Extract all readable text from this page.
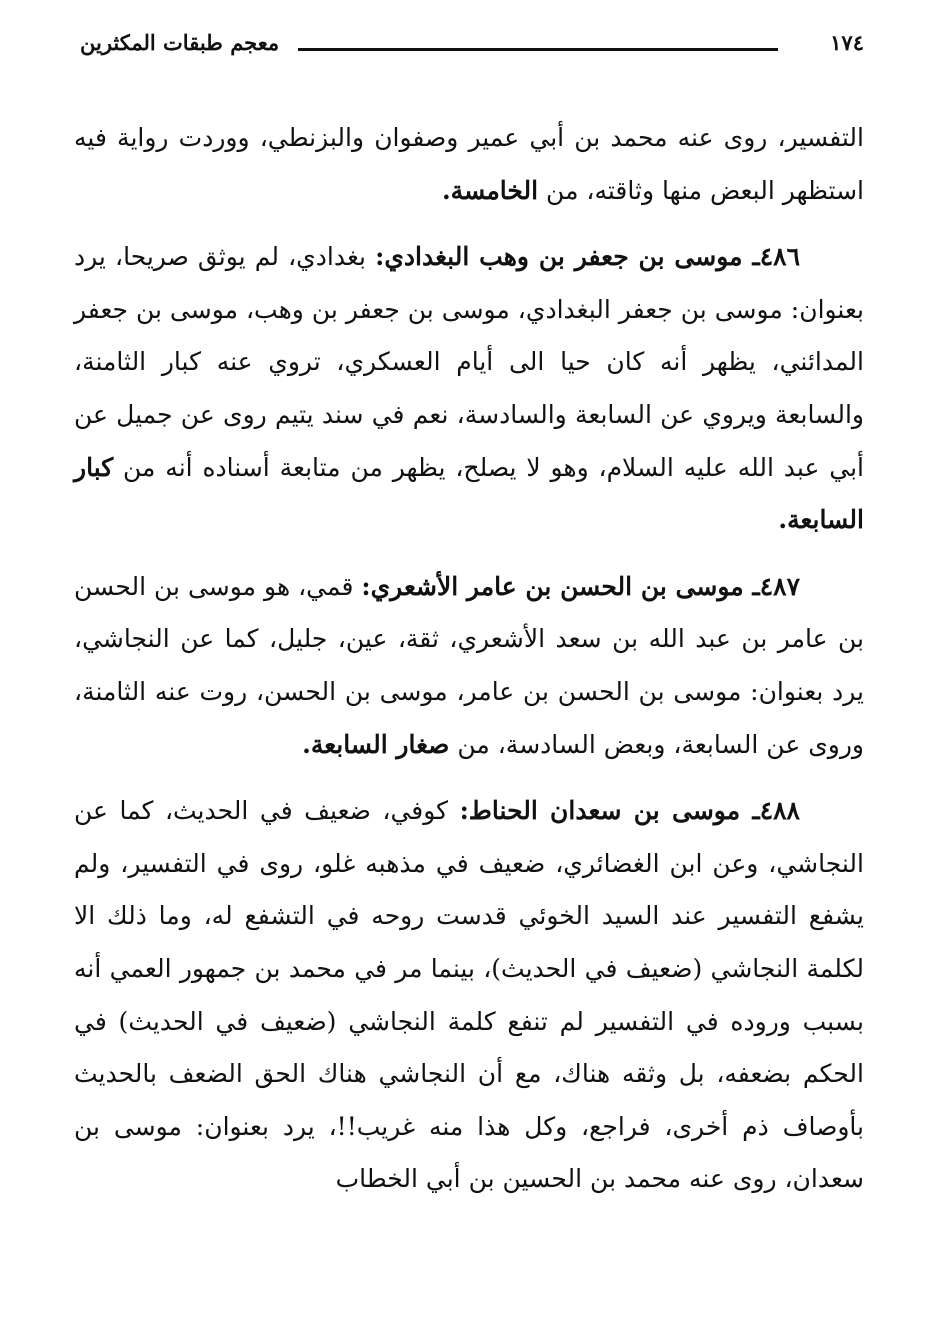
١٧٤
معجم طبقات المكثرين

التفسير، روى عنه محمد بن أبي عمير وصفوان والبزنطي، ووردت رواية فيه استظهر البعض منها وثاقته، من الخامسة.

٤٨٦ـ موسى بن جعفر بن وهب البغدادي: بغدادي، لم يوثق صريحا، يرد بعنوان: موسى بن جعفر البغدادي، موسى بن جعفر بن وهب، موسى بن جعفر المدائني، يظهر أنه كان حيا الى أيام العسكري، تروي عنه كبار الثامنة، والسابعة ويروي عن السابعة والسادسة، نعم في سند يتيم روى عن جميل عن أبي عبد الله عليه السلام، وهو لا يصلح، يظهر من متابعة أسناده أنه من كبار السابعة.

٤٨٧ـ موسى بن الحسن بن عامر الأشعري: قمي، هو موسى بن الحسن بن عامر بن عبد الله بن سعد الأشعري، ثقة، عين، جليل، كما عن النجاشي، يرد بعنوان: موسى بن الحسن بن عامر، موسى بن الحسن، روت عنه الثامنة، وروى عن السابعة، وبعض السادسة، من صغار السابعة.

٤٨٨ـ موسى بن سعدان الحناط: كوفي، ضعيف في الحديث، كما عن النجاشي، وعن ابن الغضائري، ضعيف في مذهبه غلو، روى في التفسير، ولم يشفع التفسير عند السيد الخوئي قدست روحه في التشفع له، وما ذلك الا لكلمة النجاشي (ضعيف في الحديث)، بينما مر في محمد بن جمهور العمي أنه بسبب وروده في التفسير لم تنفع كلمة النجاشي (ضعيف في الحديث) في الحكم بضعفه، بل وثقه هناك، مع أن النجاشي هناك الحق الضعف بالحديث بأوصاف ذم أخرى، فراجع، وكل هذا منه غريب!!، يرد بعنوان: موسى بن سعدان، روى عنه محمد بن الحسين بن أبي الخطاب
